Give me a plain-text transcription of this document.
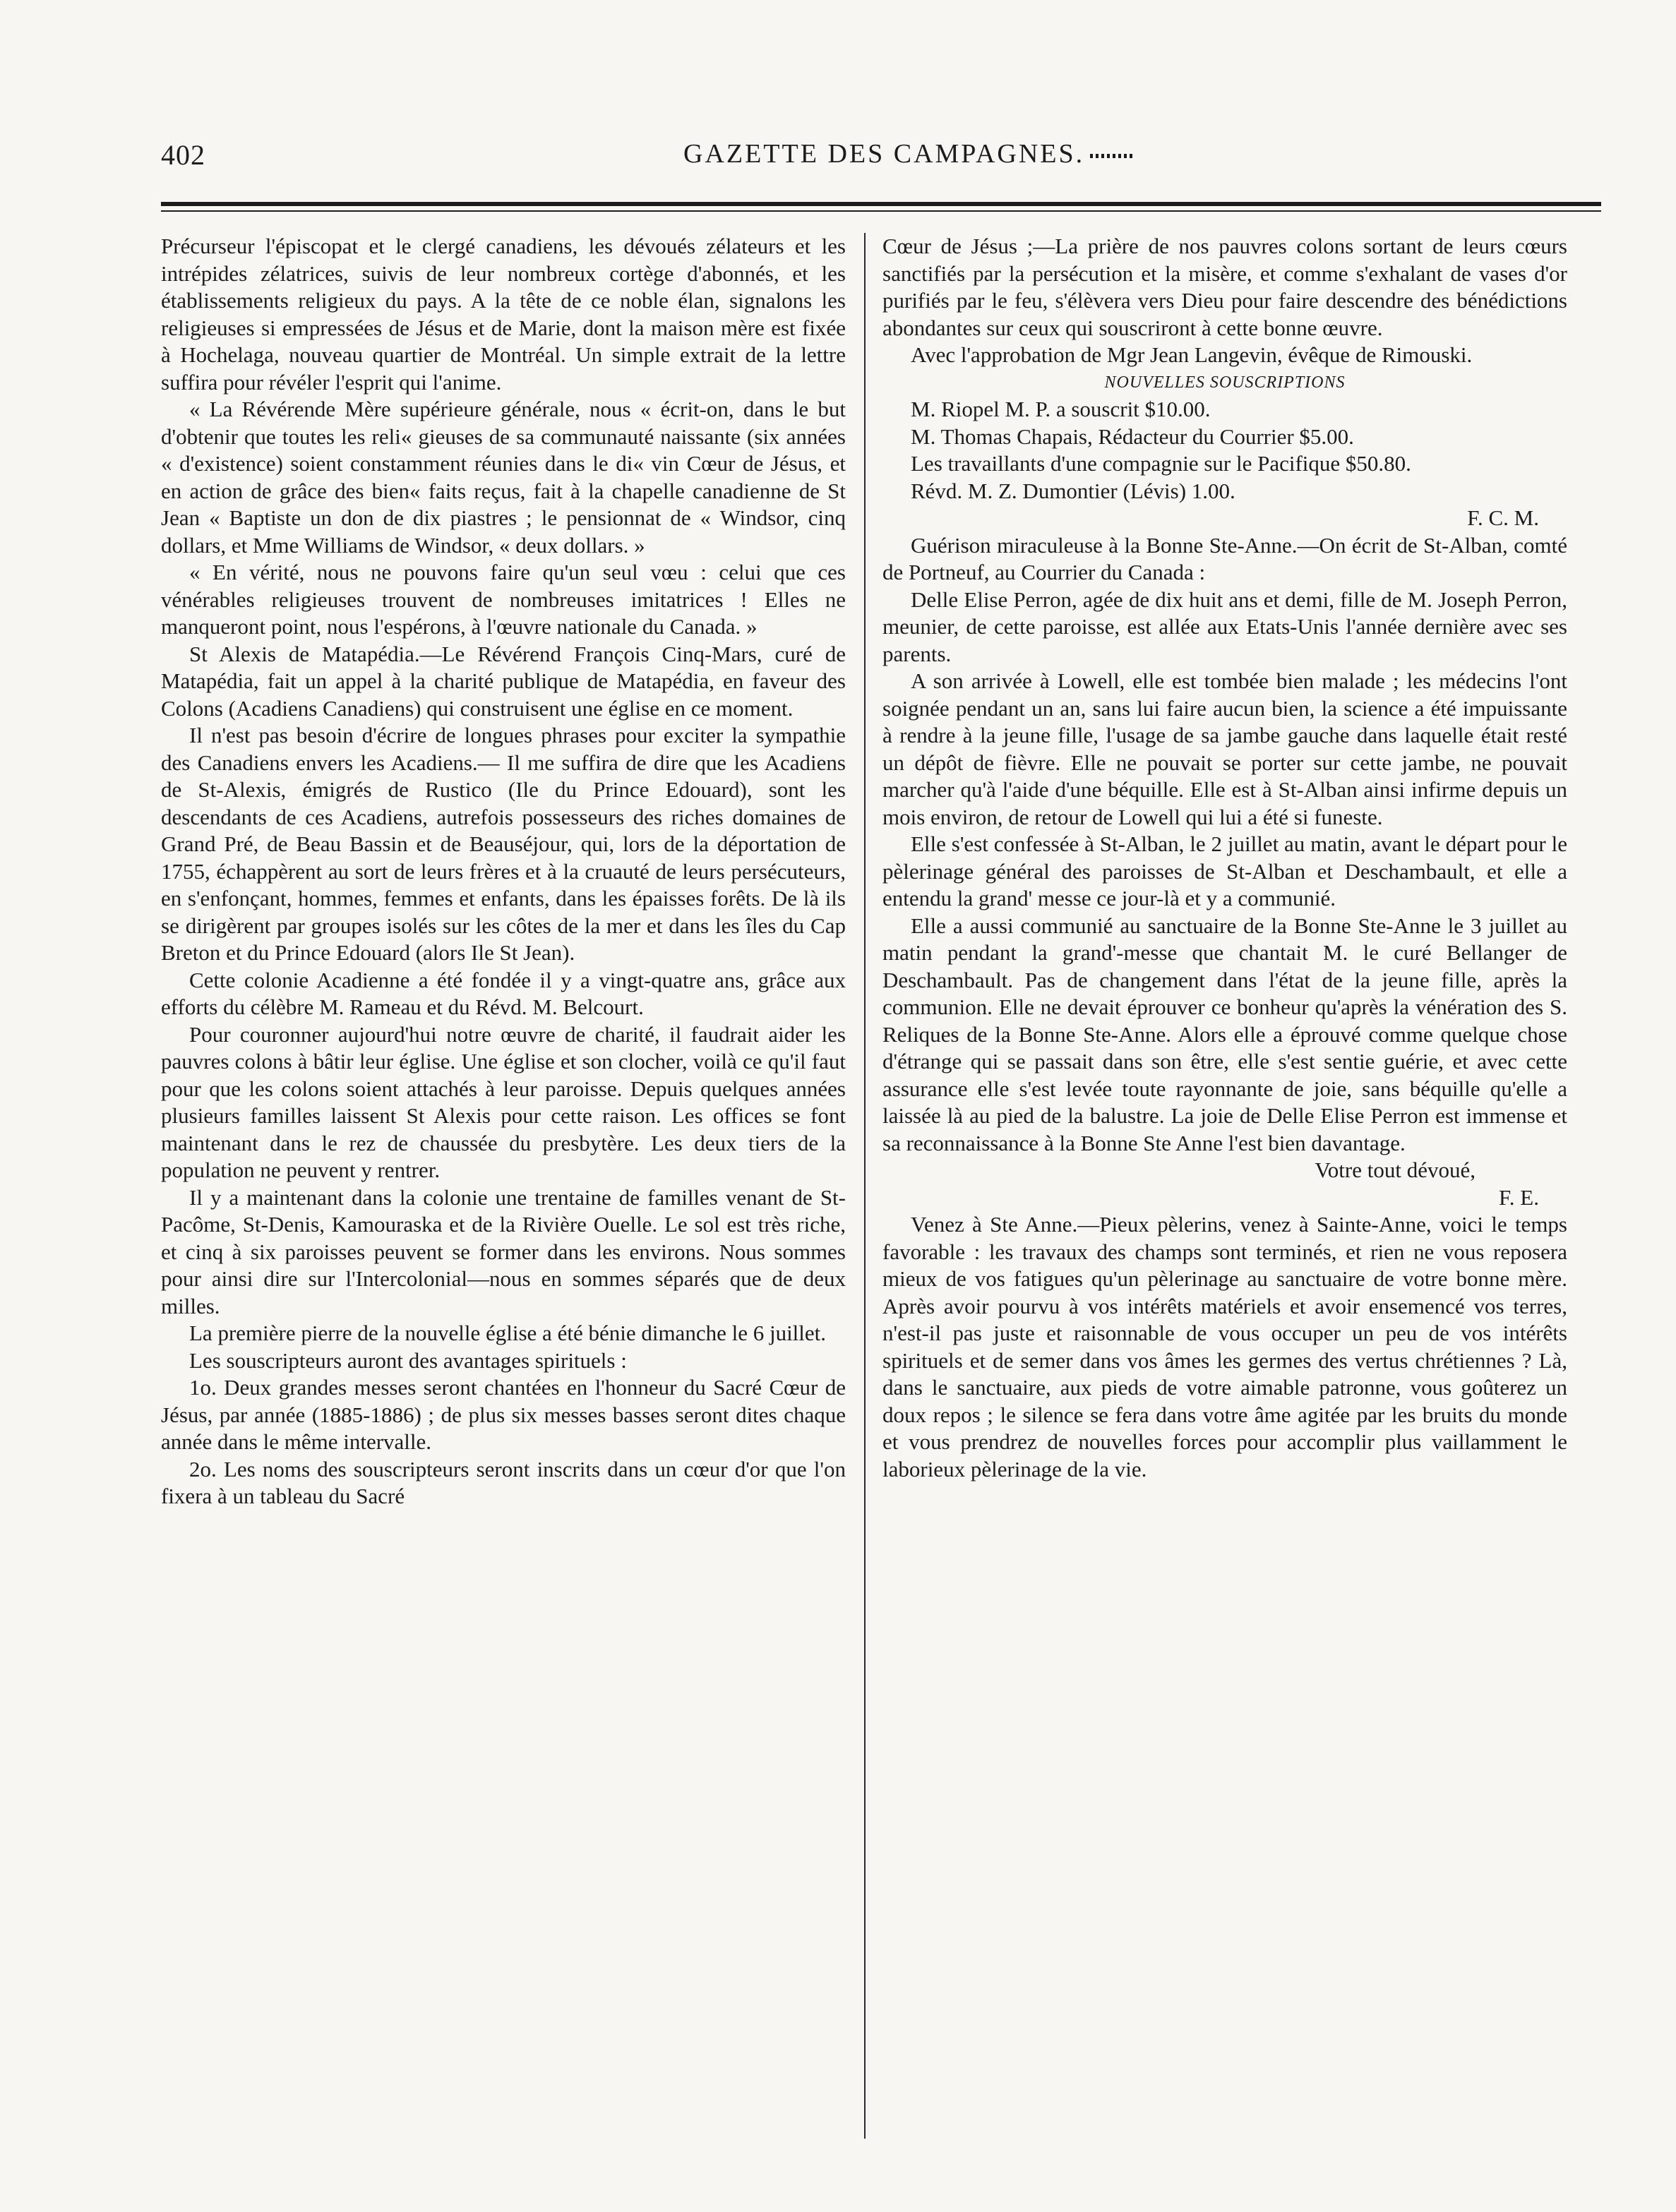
402	GAZETTE DES CAMPAGNES.

Précurseur l'épiscopat et le clergé canadiens, les dévoués zélateurs et les intrépides zélatrices, suivis de leur nombreux cortège d'abonnés, et les établissements religieux du pays. A la tête de ce noble élan, signalons les religieuses si empressées de Jésus et de Marie, dont la maison mère est fixée à Hochelaga, nouveau quartier de Montréal. Un simple extrait de la lettre suffira pour révéler l'esprit qui l'anime.

« La Révérende Mère supérieure générale, nous « écrit-on, dans le but d'obtenir que toutes les reli« gieuses de sa communauté naissante (six années « d'existence) soient constamment réunies dans le di« vin Cœur de Jésus, et en action de grâce des bien« faits reçus, fait à la chapelle canadienne de St Jean « Baptiste un don de dix piastres ; le pensionnat de « Windsor, cinq dollars, et Mme Williams de Windsor, « deux dollars. »

« En vérité, nous ne pouvons faire qu'un seul vœu : celui que ces vénérables religieuses trouvent de nombreuses imitatrices ! Elles ne manqueront point, nous l'espérons, à l'œuvre nationale du Canada. »

St Alexis de Matapédia.—Le Révérend François Cinq-Mars, curé de Matapédia, fait un appel à la charité publique de Matapédia, en faveur des Colons (Acadiens Canadiens) qui construisent une église en ce moment.

Il n'est pas besoin d'écrire de longues phrases pour exciter la sympathie des Canadiens envers les Acadiens.— Il me suffira de dire que les Acadiens de St-Alexis, émigrés de Rustico (Ile du Prince Edouard), sont les descendants de ces Acadiens, autrefois possesseurs des riches domaines de Grand Pré, de Beau Bassin et de Beauséjour, qui, lors de la déportation de 1755, échappèrent au sort de leurs frères et à la cruauté de leurs persécuteurs, en s'enfonçant, hommes, femmes et enfants, dans les épaisses forêts. De là ils se dirigèrent par groupes isolés sur les côtes de la mer et dans les îles du Cap Breton et du Prince Edouard (alors Ile St Jean).

Cette colonie Acadienne a été fondée il y a vingt-quatre ans, grâce aux efforts du célèbre M. Rameau et du Révd. M. Belcourt.

Pour couronner aujourd'hui notre œuvre de charité, il faudrait aider les pauvres colons à bâtir leur église. Une église et son clocher, voilà ce qu'il faut pour que les colons soient attachés à leur paroisse. Depuis quelques années plusieurs familles laissent St Alexis pour cette raison. Les offices se font maintenant dans le rez de chaussée du presbytère. Les deux tiers de la population ne peuvent y rentrer.

Il y a maintenant dans la colonie une trentaine de familles venant de St-Pacôme, St-Denis, Kamouraska et de la Rivière Ouelle. Le sol est très riche, et cinq à six paroisses peuvent se former dans les environs. Nous sommes pour ainsi dire sur l'Intercolonial—nous en sommes séparés que de deux milles.

La première pierre de la nouvelle église a été bénie dimanche le 6 juillet.

Les souscripteurs auront des avantages spirituels :

1o. Deux grandes messes seront chantées en l'honneur du Sacré Cœur de Jésus, par année (1885-1886) ; de plus six messes basses seront dites chaque année dans le même intervalle.

2o. Les noms des souscripteurs seront inscrits dans un cœur d'or que l'on fixera à un tableau du Sacré

Cœur de Jésus ;—La prière de nos pauvres colons sortant de leurs cœurs sanctifiés par la persécution et la misère, et comme s'exhalant de vases d'or purifiés par le feu, s'élèvera vers Dieu pour faire descendre des bénédictions abondantes sur ceux qui souscriront à cette bonne œuvre.

Avec l'approbation de Mgr Jean Langevin, évêque de Rimouski.

NOUVELLES SOUSCRIPTIONS

M. Riopel M. P. a souscrit $10.00.

M. Thomas Chapais, Rédacteur du Courrier $5.00.

Les travaillants d'une compagnie sur le Pacifique $50.80.

Révd. M. Z. Dumontier (Lévis) 1.00.

F. C. M.

Guérison miraculeuse à la Bonne Ste-Anne.—On écrit de St-Alban, comté de Portneuf, au Courrier du Canada :

Delle Elise Perron, agée de dix huit ans et demi, fille de M. Joseph Perron, meunier, de cette paroisse, est allée aux Etats-Unis l'année dernière avec ses parents.

A son arrivée à Lowell, elle est tombée bien malade ; les médecins l'ont soignée pendant un an, sans lui faire aucun bien, la science a été impuissante à rendre à la jeune fille, l'usage de sa jambe gauche dans laquelle était resté un dépôt de fièvre. Elle ne pouvait se porter sur cette jambe, ne pouvait marcher qu'à l'aide d'une béquille. Elle est à St-Alban ainsi infirme depuis un mois environ, de retour de Lowell qui lui a été si funeste.

Elle s'est confessée à St-Alban, le 2 juillet au matin, avant le départ pour le pèlerinage général des paroisses de St-Alban et Deschambault, et elle a entendu la grand' messe ce jour-là et y a communié.

Elle a aussi communié au sanctuaire de la Bonne Ste-Anne le 3 juillet au matin pendant la grand'-messe que chantait M. le curé Bellanger de Deschambault. Pas de changement dans l'état de la jeune fille, après la communion. Elle ne devait éprouver ce bonheur qu'après la vénération des S. Reliques de la Bonne Ste-Anne. Alors elle a éprouvé comme quelque chose d'étrange qui se passait dans son être, elle s'est sentie guérie, et avec cette assurance elle s'est levée toute rayonnante de joie, sans béquille qu'elle a laissée là au pied de la balustre. La joie de Delle Elise Perron est immense et sa reconnaissance à la Bonne Ste Anne l'est bien davantage.

Votre tout dévoué,

F. E.

Venez à Ste Anne.—Pieux pèlerins, venez à Sainte-Anne, voici le temps favorable : les travaux des champs sont terminés, et rien ne vous reposera mieux de vos fatigues qu'un pèlerinage au sanctuaire de votre bonne mère. Après avoir pourvu à vos intérêts matériels et avoir ensemencé vos terres, n'est-il pas juste et raisonnable de vous occuper un peu de vos intérêts spirituels et de semer dans vos âmes les germes des vertus chrétiennes ? Là, dans le sanctuaire, aux pieds de votre aimable patronne, vous goûterez un doux repos ; le silence se fera dans votre âme agitée par les bruits du monde et vous prendrez de nouvelles forces pour accomplir plus vaillamment le laborieux pèlerinage de la vie.
